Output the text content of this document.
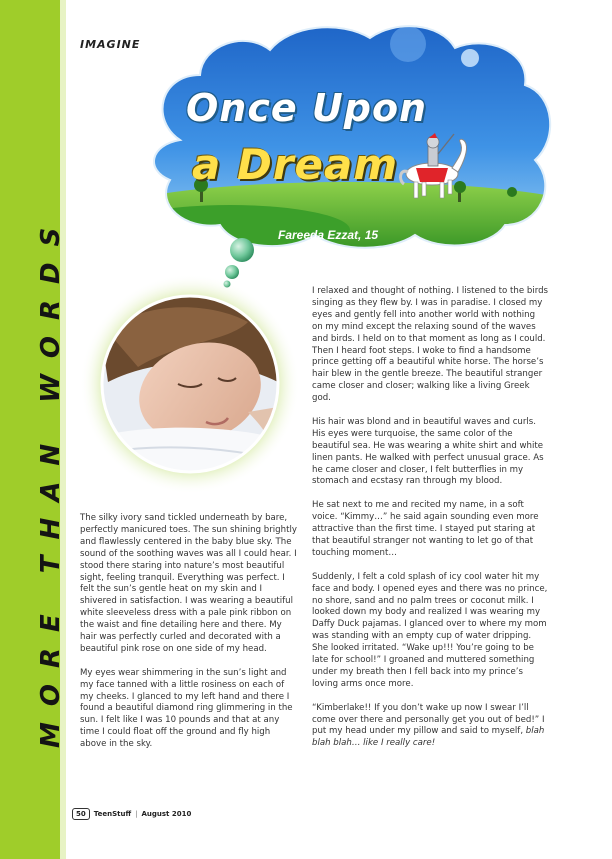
MORE THAN WORDS
IMAGINE
Once Upon
a Dream
Fareeda Ezzat, 15

The silky ivory sand tickled underneath by bare, perfectly manicured toes. The sun shining brightly and flawlessly centered in the baby blue sky. The sound of the soothing waves was all I could hear. I stood there staring into nature’s most beautiful sight, feeling tranquil. Everything was perfect. I felt the sun’s gentle heat on my skin and I shivered in satisfaction. I was wearing a beautiful white sleeveless dress with a pale pink ribbon on the waist and fine detailing here and there. My hair was perfectly curled and decorated with a beautiful pink rose on one side of my head.

My eyes wear shimmering in the sun’s light and my face tanned with a little rosiness on each of my cheeks. I glanced to my left hand and there I found a beautiful diamond ring glimmering in the sun. I felt like I was 10 pounds and that at any time I could float off the ground and fly high above in the sky.

I relaxed and thought of nothing. I listened to the birds singing as they flew by. I was in paradise. I closed my eyes and gently fell into another world with nothing on my mind except the relaxing sound of the waves and birds. I held on to that moment as long as I could. Then I heard foot steps. I woke to find a handsome prince getting off a beautiful white horse. The horse’s hair blew in the gentle breeze. The beautiful stranger came closer and closer; walking like a living Greek god.

His hair was blond and in beautiful waves and curls. His eyes were turquoise, the same color of the beautiful sea. He was wearing a white shirt and white linen pants. He walked with perfect unusual grace. As he came closer and closer, I felt butterflies in my stomach and ecstasy ran through my blood.

He sat next to me and recited my name, in a soft voice. “Kimmy…” he said again sounding even more attractive than the first time. I stayed put staring at that beautiful stranger not wanting to let go of that touching moment…

Suddenly, I felt a cold splash of icy cool water hit my face and body. I opened eyes and there was no prince, no shore, sand and no palm trees or coconut milk. I looked down my body and realized I was wearing my Daffy Duck pajamas. I glanced over to where my mom was standing with an empty cup of water dripping. She looked irritated. “Wake up!!! You’re going to be late for school!” I groaned and muttered something under my breath then I fell back into my prince’s loving arms once more.

“Kimberlake!! If you don’t wake up now I swear I’ll come over there and personally get you out of bed!” I put my head under my pillow and said to myself, blah blah blah… like I really care!

50	TeenStuff | August 2010
